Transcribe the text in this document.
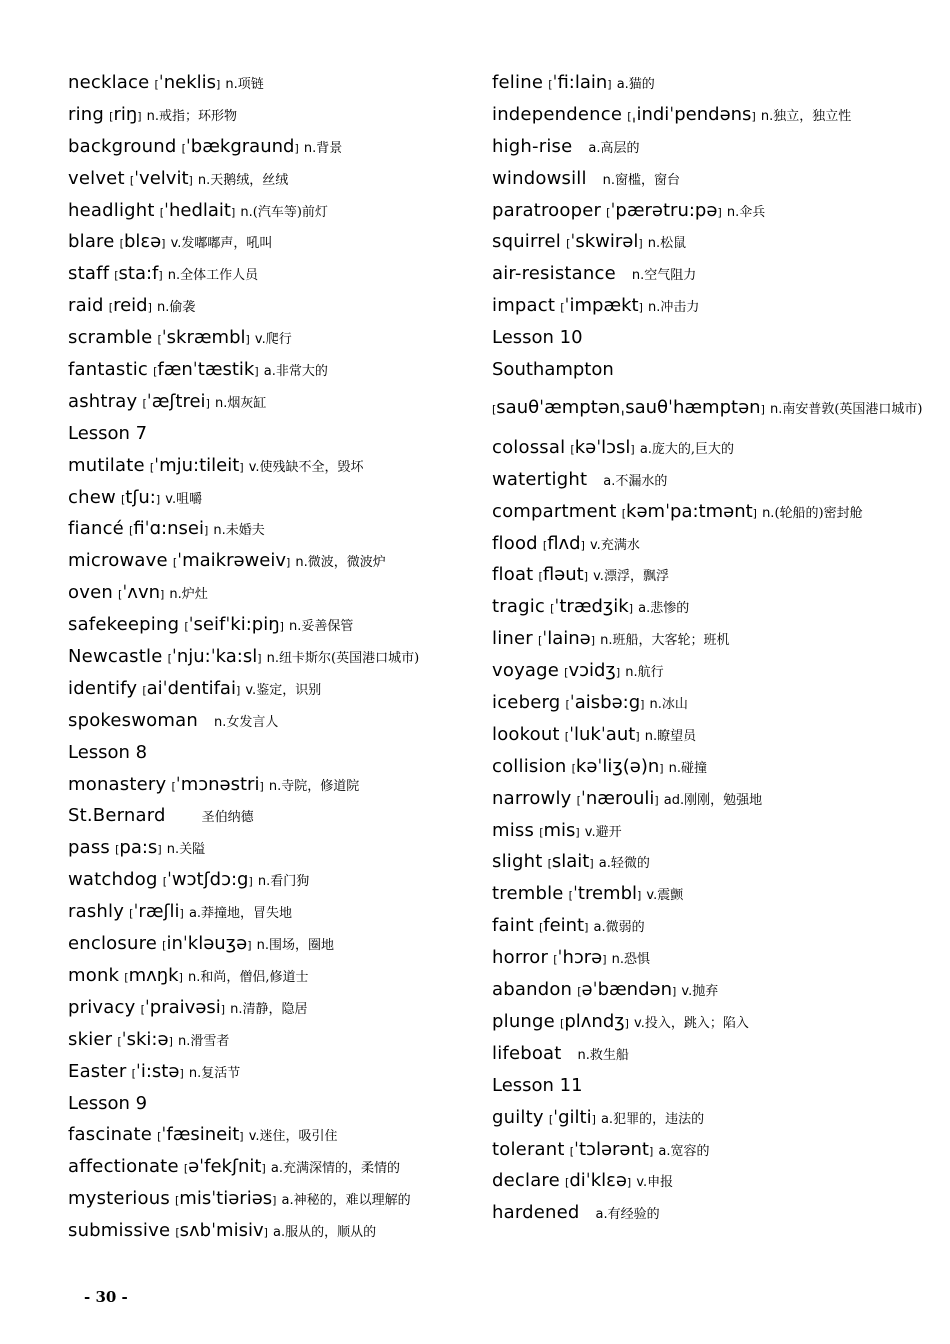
necklace [ˈneklis] n.项链
ring [riŋ] n.戒指；环形物
background [ˈbækgraund] n.背景
velvet [ˈvelvit] n.天鹅绒，丝绒
headlight [ˈhedlait] n.(汽车等)前灯
blare [blɛə] v.发嘟嘟声，吼叫
staff [sta:f] n.全体工作人员
raid [reid] n.偷袭
scramble [ˈskræmbl] v.爬行
fantastic [fænˈtæstik] a.非常大的
ashtray [ˈæʃtrei] n.烟灰缸
Lesson 7
mutilate [ˈmju:tileit] v.使残缺不全，毁坏
chew [tʃu:] v.咀嚼
fiancé [fiˈɑ:nsei] n.未婚夫
microwave [ˈmaikrəweiv] n.微波，微波炉
oven [ˈʌvn] n.炉灶
safekeeping [ˈseifˈki:piŋ] n.妥善保管
Newcastle [ˈnju:ˈka:sl] n.纽卡斯尔(英国港口城市)
identify [aiˈdentifai] v.鉴定，识别
spokeswoman n.女发言人
Lesson 8
monastery [ˈmɔnəstri] n.寺院，修道院
St.Bernard	圣伯纳德
pass [pa:s] n.关隘
watchdog [ˈwɔtʃdɔ:g] n.看门狗
rashly [ˈræʃli] a.莽撞地，冒失地
enclosure [inˈkləuʒə] n.围场，圈地
monk [mʌŋk] n.和尚，僧侣,修道士
privacy [ˈpraivəsi] n.清静，隐居
skier [ˈski:ə] n.滑雪者
Easter [ˈi:stə] n.复活节
Lesson 9
fascinate [ˈfæsineit] v.迷住，吸引住
affectionate [əˈfekʃnit] a.充满深情的，柔情的
mysterious [misˈtiəriəs] a.神秘的，难以理解的
submissive [sʌbˈmisiv] a.服从的，顺从的
feline [ˈfi:lain] a.猫的
independence [ˌindiˈpendəns] n.独立，独立性
high-rise a.高层的
windowsill n.窗槛，窗台
paratrooper [ˈpærətru:pə] n.伞兵
squirrel [ˈskwirəl] n.松鼠
air-resistance n.空气阻力
impact [ˈimpækt] n.冲击力
Lesson 10
Southampton
[sauθˈæmptənˌsauθˈhæmptən] n.南安普敦(英国港口城市)
colossal [kəˈlɔsl] a.庞大的,巨大的
watertight a.不漏水的
compartment [kəmˈpa:tmənt] n.(轮船的)密封舱
flood [flʌd] v.充满水
float [fləut] v.漂浮，飘浮
tragic [ˈtrædʒik] a.悲惨的
liner [ˈlainə] n.班船，大客轮；班机
voyage [vɔidʒ] n.航行
iceberg [ˈaisbə:g] n.冰山
lookout [ˈlukˈaut] n.瞭望员
collision [kəˈliʒ(ə)n] n.碰撞
narrowly [ˈnærouli] ad.刚刚，勉强地
miss [mis] v.避开
slight [slait] a.轻微的
tremble [ˈtrembl] v.震颤
faint [feint] a.微弱的
horror [ˈhɔrə] n.恐惧
abandon [əˈbændən] v.抛弃
plunge [plʌndʒ] v.投入，跳入；陷入
lifeboat n.救生船
Lesson 11
guilty [ˈgilti] a.犯罪的，违法的
tolerant [ˈtɔlərənt] a.宽容的
declare [diˈklɛə] v.申报
hardened a.有经验的
- 30 -
